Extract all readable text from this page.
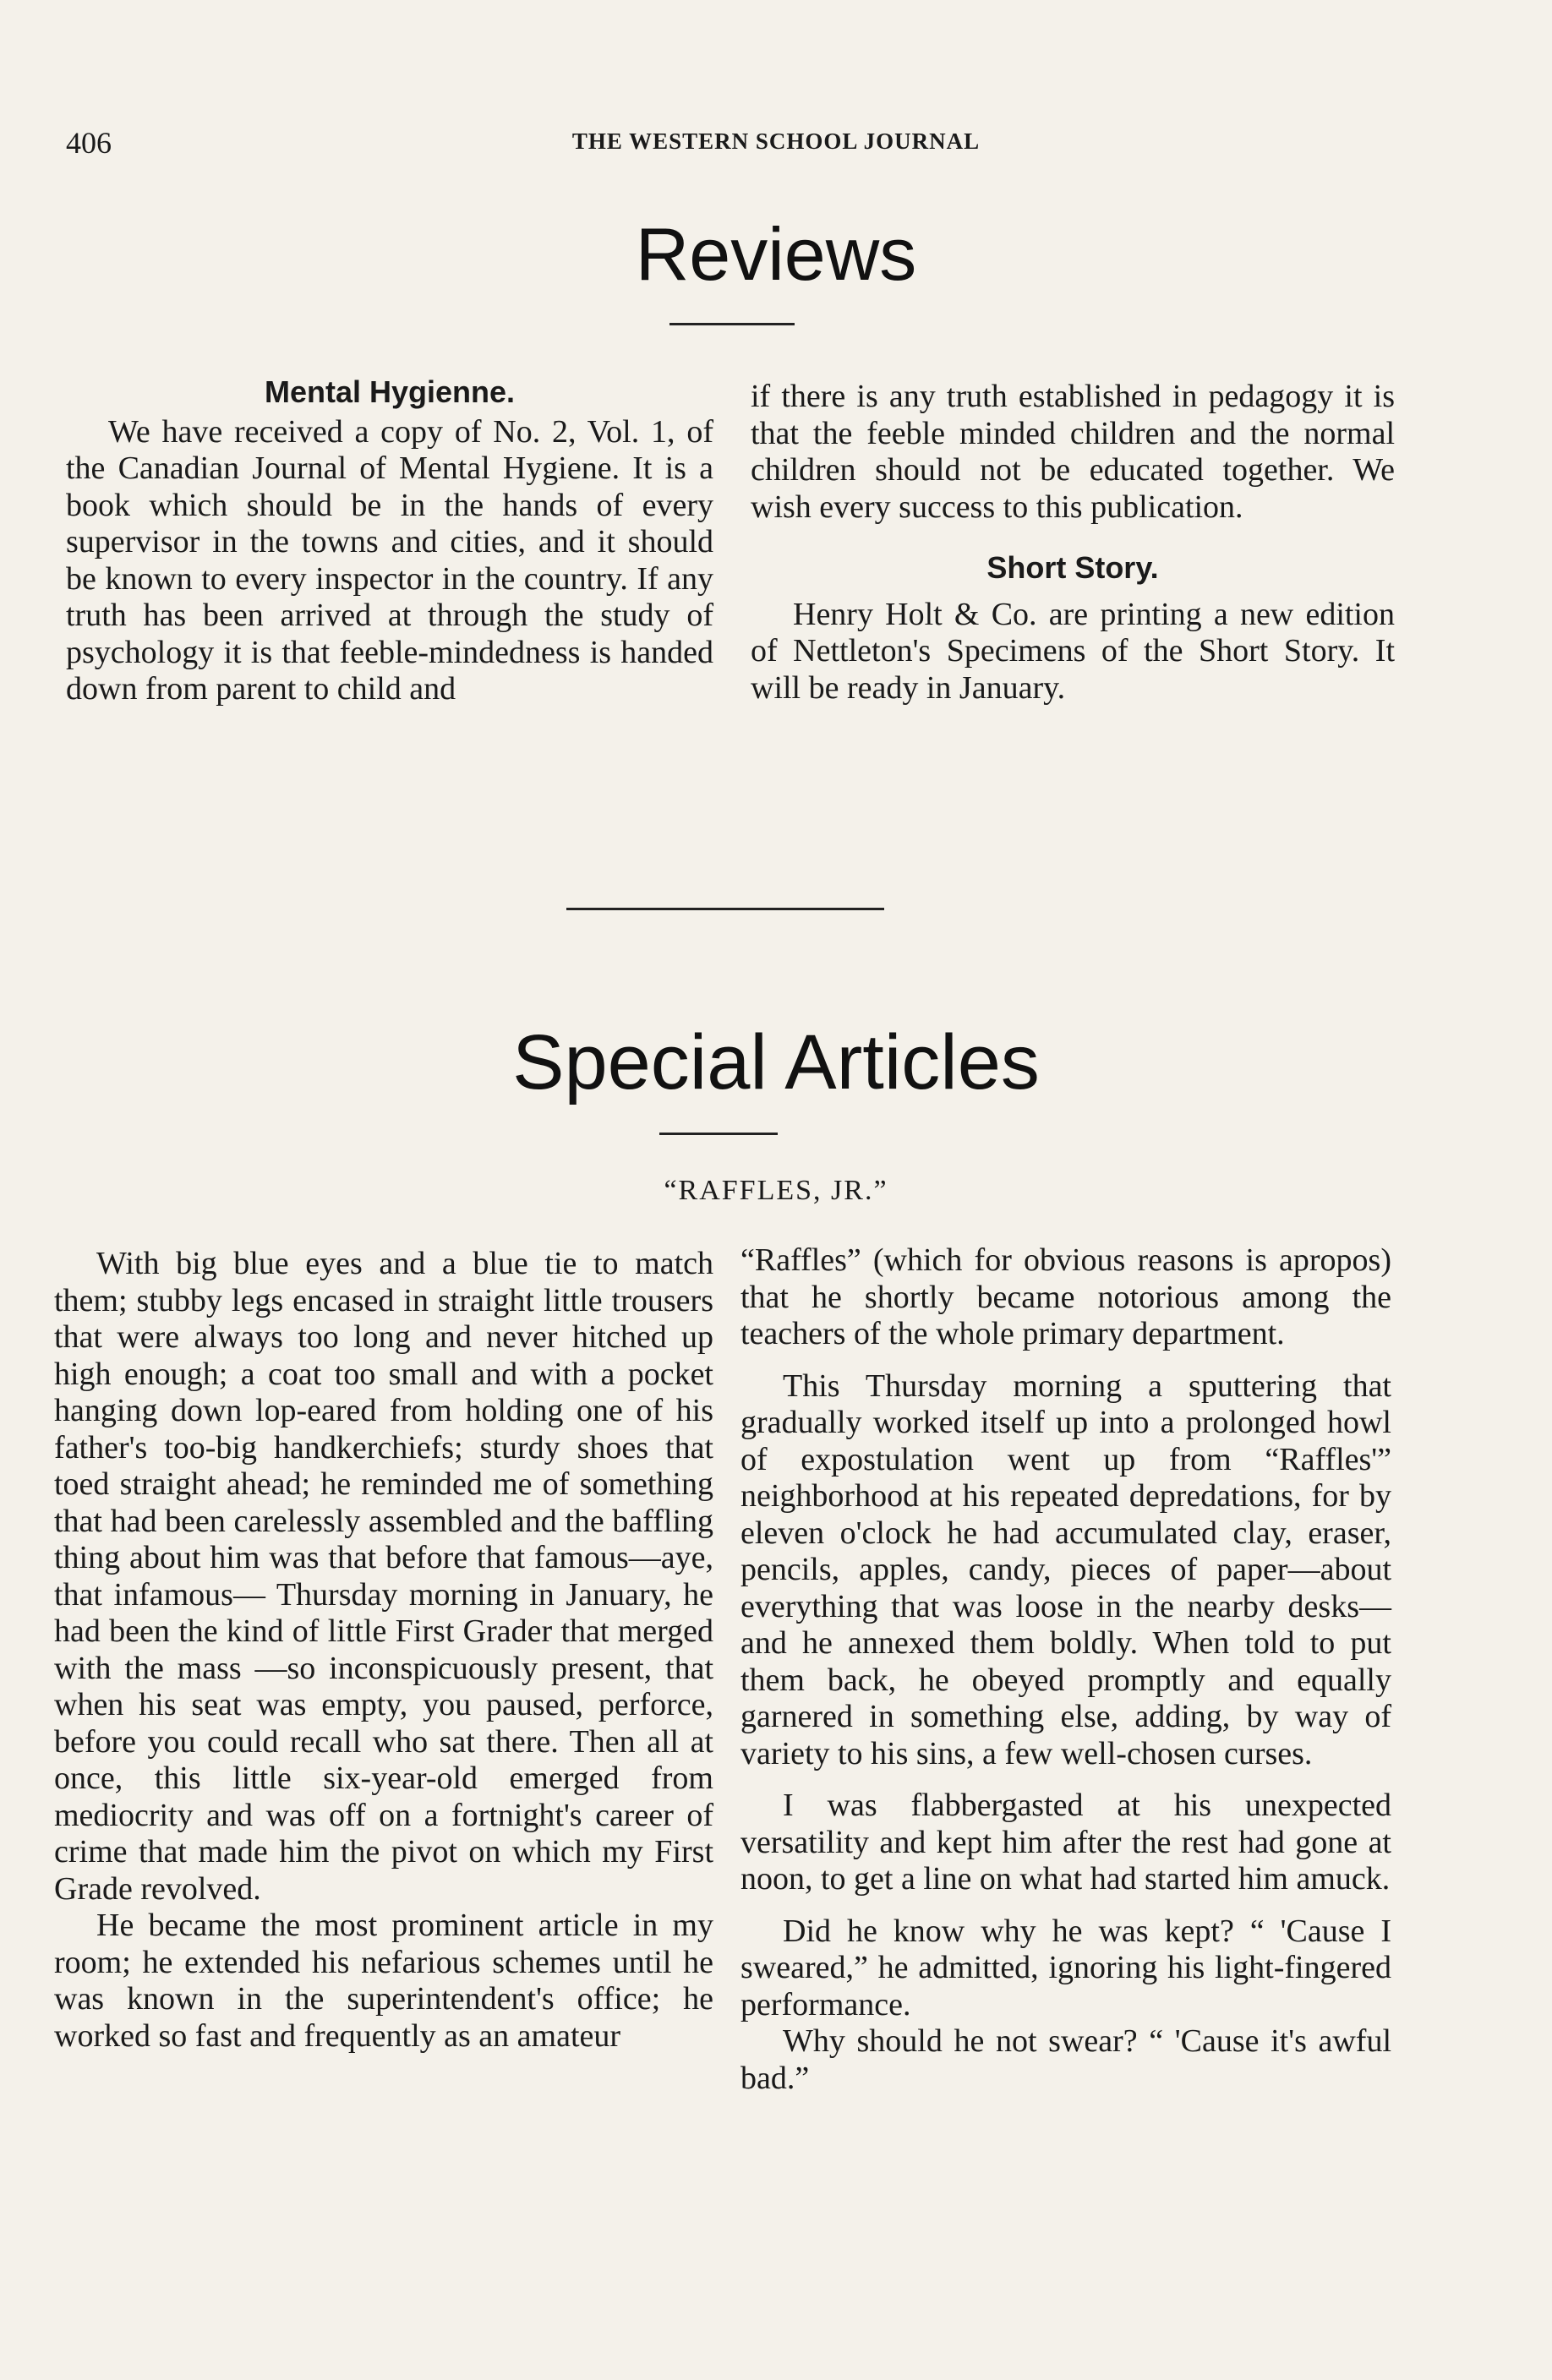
406	THE WESTERN SCHOOL JOURNAL
Reviews
Mental Hygienne.

We have received a copy of No. 2, Vol. 1, of the Canadian Journal of Mental Hygiene. It is a book which should be in the hands of every supervisor in the towns and cities, and it should be known to every inspector in the country. If any truth has been arrived at through the study of psychology it is that feeble-mindedness is handed down from parent to child and

if there is any truth established in pedagogy it is that the feeble minded children and the normal children should not be educated together. We wish every success to this publication.

Short Story.

Henry Holt & Co. are printing a new edition of Nettleton's Specimens of the Short Story. It will be ready in January.

Special Articles
“RAFFLES, JR.”

With big blue eyes and a blue tie to match them; stubby legs encased in straight little trousers that were always too long and never hitched up high enough; a coat too small and with a pocket hanging down lop-eared from holding one of his father's too-big handkerchiefs; sturdy shoes that toed straight ahead; he reminded me of something that had been carelessly assembled and the baffling thing about him was that before that famous—aye, that infamous— Thursday morning in January, he had been the kind of little First Grader that merged with the mass —so inconspicuously present, that when his seat was empty, you paused, perforce, before you could recall who sat there. Then all at once, this little six-year-old emerged from mediocrity and was off on a fortnight's career of crime that made him the pivot on which my First Grade revolved.

He became the most prominent article in my room; he extended his nefarious schemes until he was known in the superintendent's office; he worked so fast and frequently as an amateur

“Raffles” (which for obvious reasons is apropos) that he shortly became notorious among the teachers of the whole primary department.

This Thursday morning a sputtering that gradually worked itself up into a prolonged howl of expostulation went up from “Raffles'” neighborhood at his repeated depredations, for by eleven o'clock he had accumulated clay, eraser, pencils, apples, candy, pieces of paper—about everything that was loose in the nearby desks—and he annexed them boldly. When told to put them back, he obeyed promptly and equally garnered in something else, adding, by way of variety to his sins, a few well-chosen curses.

I was flabbergasted at his unexpected versatility and kept him after the rest had gone at noon, to get a line on what had started him amuck.

Did he know why he was kept? “ 'Cause I sweared,” he admitted, ignoring his light-fingered performance.

Why should he not swear? “ 'Cause it's awful bad.”
